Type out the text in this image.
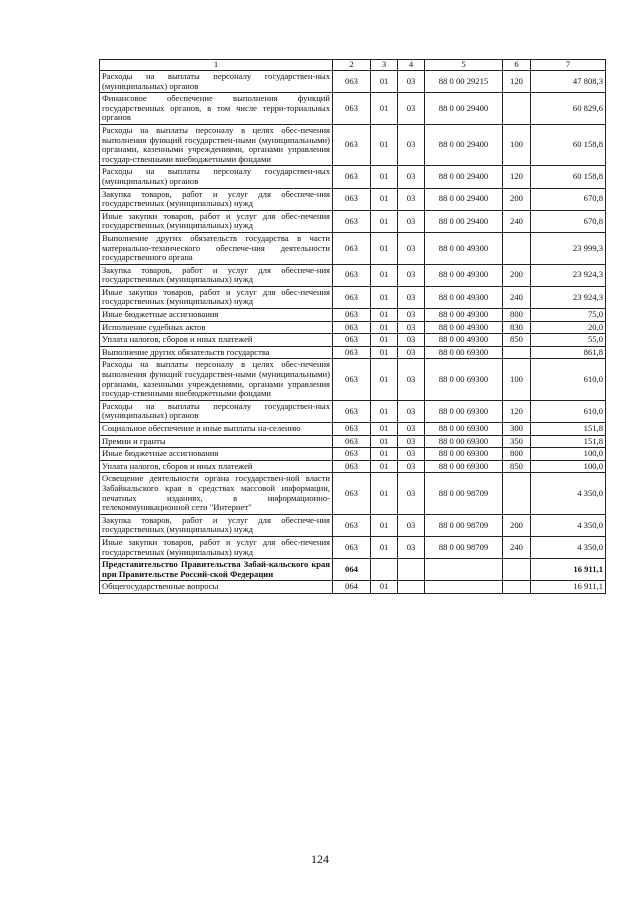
1	2	3	4	5	6	7
Расходы на выплаты персоналу государствен-ных (муниципальных) органов	063	01	03	88 0 00 29215	120	47 808,3
Финансовое обеспечение выполнения функций государственных органов, в том числе терри-ториальных органов	063	01	03	88 0 00 29400		60 829,6
Расходы на выплаты персоналу в целях обес-печения выполнения функций государствен-ными (муниципальными) органами, казенными учреждениями, органами управления государ-ственными внебюджетными фондами	063	01	03	88 0 00 29400	100	60 158,8
Расходы на выплаты персоналу государствен-ных (муниципальных) органов	063	01	03	88 0 00 29400	120	60 158,8
Закупка товаров, работ и услуг для обеспече-ния государственных (муниципальных) нужд	063	01	03	88 0 00 29400	200	670,8
Иные закупки товаров, работ и услуг для обес-печения государственных (муниципальных) нужд	063	01	03	88 0 00 29400	240	670,8
Выполнение других обязательств государства в части материально-технического обеспече-ния деятельности государственного органа	063	01	03	88 0 00 49300		23 999,3
Закупка товаров, работ и услуг для обеспече-ния государственных (муниципальных) нужд	063	01	03	88 0 00 49300	200	23 924,3
Иные закупки товаров, работ и услуг для обес-печения государственных (муниципальных) нужд	063	01	03	88 0 00 49300	240	23 924,3
Иные бюджетные ассигнования	063	01	03	88 0 00 49300	800	75,0
Исполнение судебных актов	063	01	03	88 0 00 49300	830	20,0
Уплата налогов, сборов и иных платежей	063	01	03	88 0 00 49300	850	55,0
Выполнение других обязательств государства	063	01	03	88 0 00 69300		861,8
Расходы на выплаты персоналу в целях обес-печения выполнения функций государствен-ными (муниципальными) органами, казенными учреждениями, органами управления государ-ственными внебюджетными фондами	063	01	03	88 0 00 69300	100	610,0
Расходы на выплаты персоналу государствен-ных (муниципальных) органов	063	01	03	88 0 00 69300	120	610,0
Социальное обеспечение и иные выплаты на-селению	063	01	03	88 0 00 69300	300	151,8
Премии и гранты	063	01	03	88 0 00 69300	350	151,8
Иные бюджетные ассигнования	063	01	03	88 0 00 69300	800	100,0
Уплата налогов, сборов и иных платежей	063	01	03	88 0 00 69300	850	100,0
Освещение деятельности органа государствен-ной власти Забайкальского края в средствах массовой информации, печатных изданиях, в информационно-телекоммуникационной сети "Интернет"	063	01	03	88 0 00 98709		4 350,0
Закупка товаров, работ и услуг для обеспече-ния государственных (муниципальных) нужд	063	01	03	88 0 00 98709	200	4 350,0
Иные закупки товаров, работ и услуг для обес-печения государственных (муниципальных) нужд	063	01	03	88 0 00 98709	240	4 350,0
Представительство Правительства Забай-кальского края при Правительстве Россий-ской Федерации	064					16 911,1
Общегосударственные вопросы	064	01				16 911,1
124
